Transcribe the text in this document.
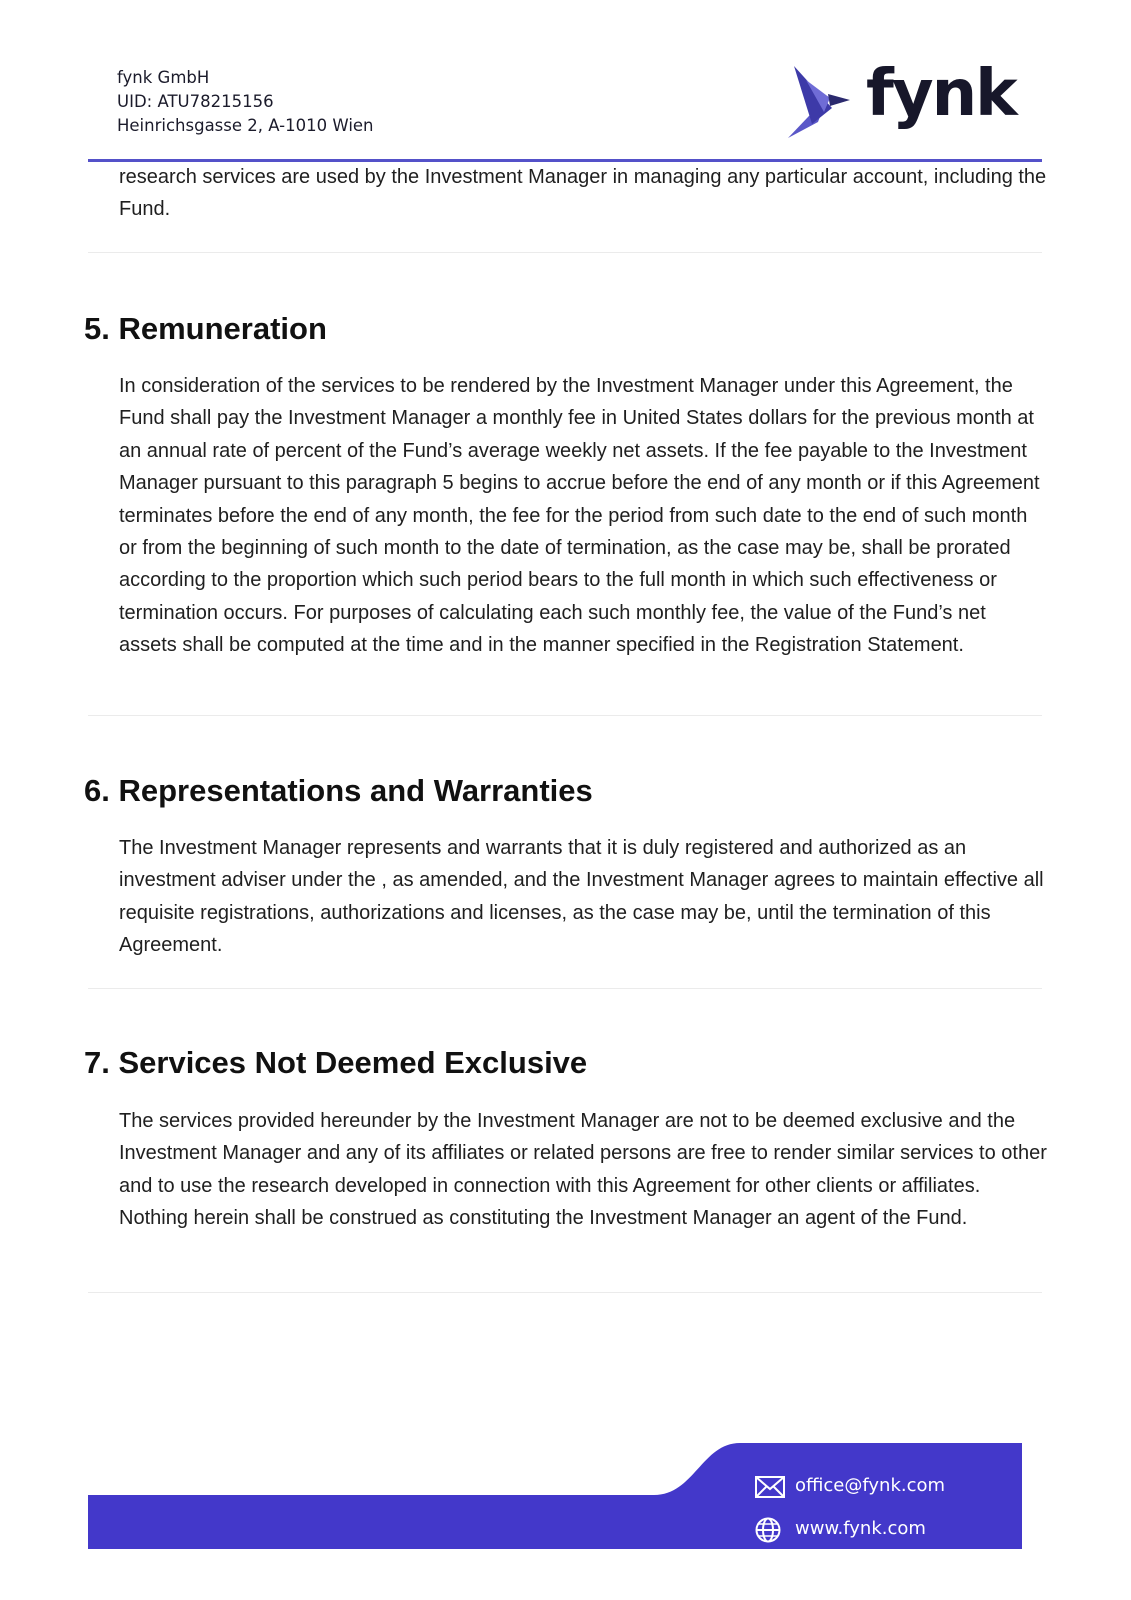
fynk GmbH
UID: ATU78215156
Heinrichsgasse 2, A-1010 Wien	fynk
research services are used by the Investment Manager in managing any particular account, including the Fund.
5. Remuneration
In consideration of the services to be rendered by the Investment Manager under this Agreement, the Fund shall pay the Investment Manager a monthly fee in United States dollars for the previous month at an annual rate of percent of the Fund’s average weekly net assets. If the fee payable to the Investment Manager pursuant to this paragraph 5 begins to accrue before the end of any month or if this Agreement terminates before the end of any month, the fee for the period from such date to the end of such month or from the beginning of such month to the date of termination, as the case may be, shall be prorated according to the proportion which such period bears to the full month in which such effectiveness or termination occurs. For purposes of calculating each such monthly fee, the value of the Fund’s net assets shall be computed at the time and in the manner specified in the Registration Statement.
6. Representations and Warranties
The Investment Manager represents and warrants that it is duly registered and authorized as an investment adviser under the , as amended, and the Investment Manager agrees to maintain effective all requisite registrations, authorizations and licenses, as the case may be, until the termination of this Agreement.
7. Services Not Deemed Exclusive
The services provided hereunder by the Investment Manager are not to be deemed exclusive and the Investment Manager and any of its affiliates or related persons are free to render similar services to other and to use the research developed in connection with this Agreement for other clients or affiliates. Nothing herein shall be construed as constituting the Investment Manager an agent of the Fund.
office@fynk.com
www.fynk.com
